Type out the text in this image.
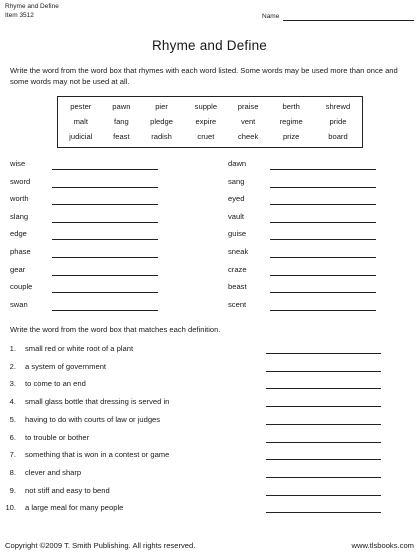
Rhyme and Define
Item 3512	Name
Rhyme and Define
Write the word from the word box that rhymes with each word listed. Some words may be used more than once and some words may not be used at all.
pester	pawn	pier	supple	praise	berth	shrewd
malt	fang	pledge	expire	vent	regime	pride
judicial	feast	radish	cruet	cheek	prize	board
wise
sword
worth
slang
edge
phase
gear
couple
swan
dawn
sang
eyed
vault
guise
sneak
craze
beast
scent
Write the word from the word box that matches each definition.
1. small red or white root of a plant
2. a system of government
3. to come to an end
4. small glass bottle that dressing is served in
5. having to do with courts of law or judges
6. to trouble or bother
7. something that is won in a contest or game
8. clever and sharp
9. not stiff and easy to bend
10. a large meal for many people
Copyright ©2009 T. Smith Publishing. All rights reserved.	www.tlsbooks.com
